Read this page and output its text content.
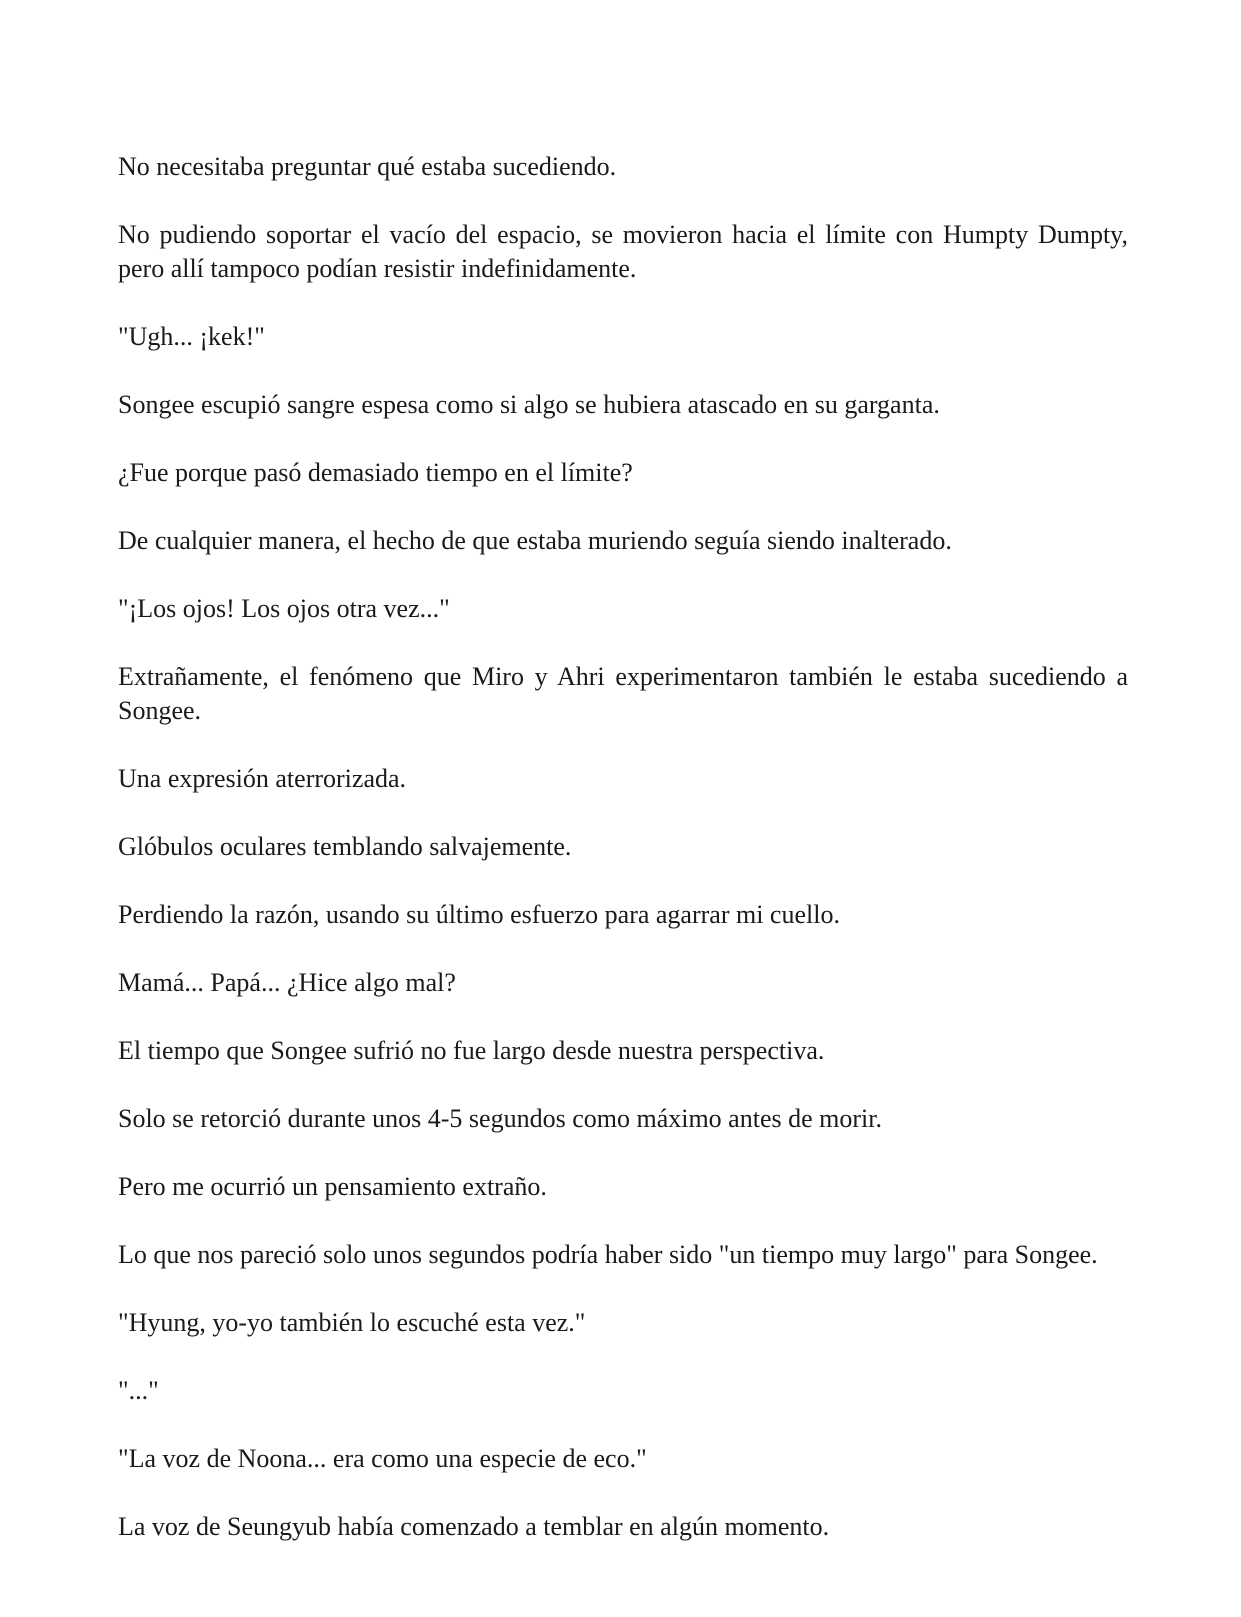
No necesitaba preguntar qué estaba sucediendo.

No pudiendo soportar el vacío del espacio, se movieron hacia el límite con Humpty Dumpty, pero allí tampoco podían resistir indefinidamente.

"Ugh... ¡kek!"

Songee escupió sangre espesa como si algo se hubiera atascado en su garganta.

¿Fue porque pasó demasiado tiempo en el límite?

De cualquier manera, el hecho de que estaba muriendo seguía siendo inalterado.

"¡Los ojos! Los ojos otra vez..."

Extrañamente, el fenómeno que Miro y Ahri experimentaron también le estaba sucediendo a Songee.

Una expresión aterrorizada.

Glóbulos oculares temblando salvajemente.

Perdiendo la razón, usando su último esfuerzo para agarrar mi cuello.

Mamá... Papá... ¿Hice algo mal?

El tiempo que Songee sufrió no fue largo desde nuestra perspectiva.

Solo se retorció durante unos 4-5 segundos como máximo antes de morir.

Pero me ocurrió un pensamiento extraño.

Lo que nos pareció solo unos segundos podría haber sido "un tiempo muy largo" para Songee.

"Hyung, yo-yo también lo escuché esta vez."

"..."

"La voz de Noona... era como una especie de eco."

La voz de Seungyub había comenzado a temblar en algún momento.
